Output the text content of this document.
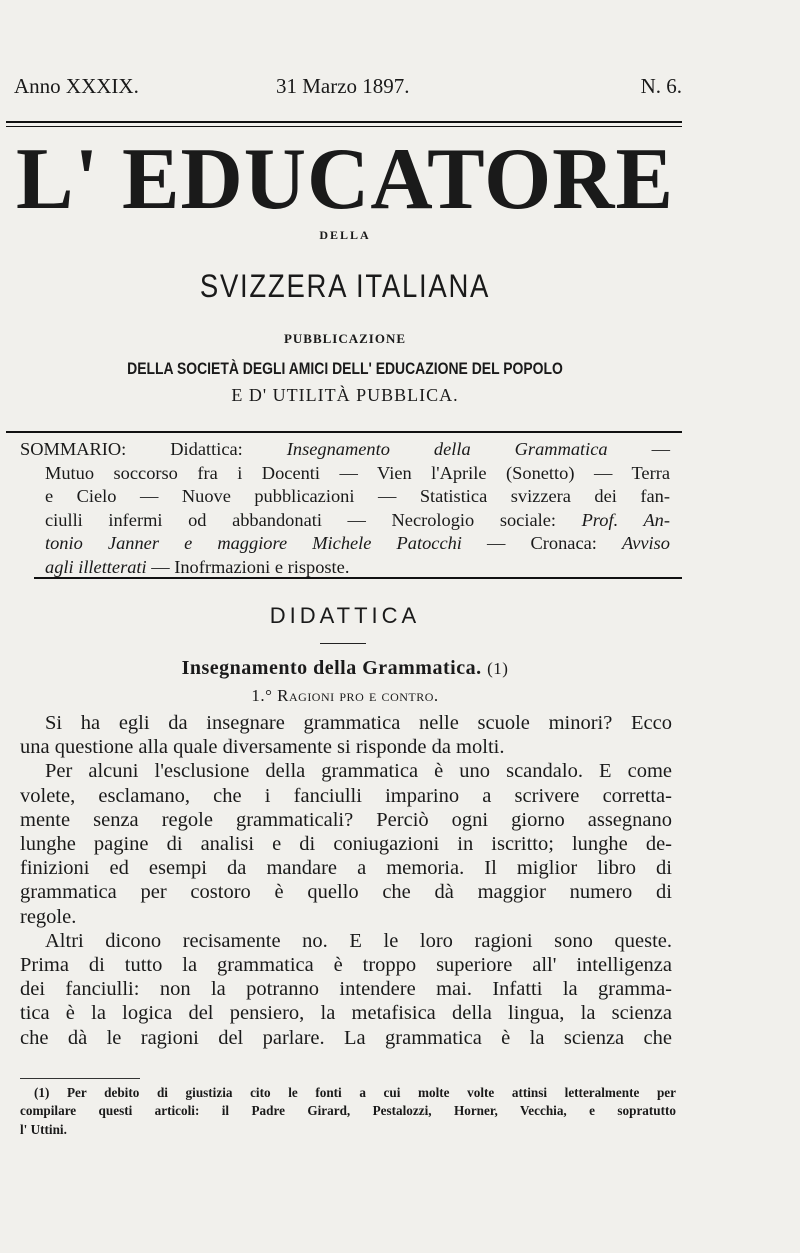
Anno XXXIX.	31 Marzo 1897.	N. 6.
L' EDUCATORE
DELLA
SVIZZERA ITALIANA
PUBBLICAZIONE
DELLA SOCIETÀ DEGLI AMICI DELL' EDUCAZIONE DEL POPOLO
E D' UTILITÀ PUBBLICA.
SOMMARIO: Didattica: Insegnamento della Grammatica —
Mutuo soccorso fra i Docenti — Vien l'Aprile (Sonetto) — Terra
e Cielo — Nuove pubblicazioni — Statistica svizzera dei fan-
ciulli infermi od abbandonati — Necrologio sociale: Prof. An-
tonio Janner e maggiore Michele Patocchi — Cronaca: Avviso
agli illetterati — Inofrmazioni e risposte.
DIDATTICA
Insegnamento della Grammatica. (1)
1.° Ragioni pro e contro.
Si ha egli da insegnare grammatica nelle scuole minori? Ecco
una questione alla quale diversamente si risponde da molti.
Per alcuni l'esclusione della grammatica è uno scandalo. E come
volete, esclamano, che i fanciulli imparino a scrivere corretta-
mente senza regole grammaticali? Perciò ogni giorno assegnano
lunghe pagine di analisi e di coniugazioni in iscritto; lunghe de-
finizioni ed esempi da mandare a memoria. Il miglior libro di
grammatica per costoro è quello che dà maggior numero di
regole.
Altri dicono recisamente no. E le loro ragioni sono queste.
Prima di tutto la grammatica è troppo superiore all' intelligenza
dei fanciulli: non la potranno intendere mai. Infatti la gramma-
tica è la logica del pensiero, la metafisica della lingua, la scienza
che dà le ragioni del parlare. La grammatica è la scienza che
(1) Per debito di giustizia cito le fonti a cui molte volte attinsi letteralmente per
compilare questi articoli: il Padre Girard, Pestalozzi, Horner, Vecchia, e sopratutto
l' Uttini.
